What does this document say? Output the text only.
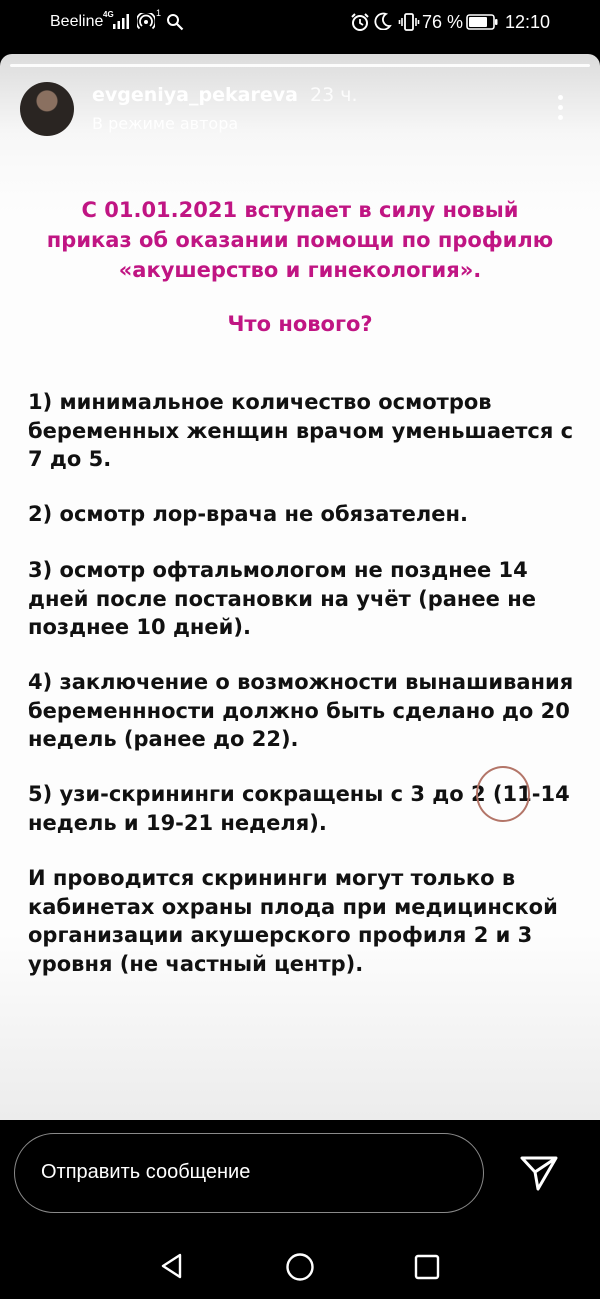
Beeline 4G	1	76 % 12:10
evgeniya_pekareva 23 ч.
В режиме автора
С 01.01.2021 вступает в силу новый
приказ об оказании помощи по профилю
«акушерство и гинекология».
Что нового?
1) минимальное количество осмотров беременных женщин врачом уменьшается с 7 до 5.
2) осмотр лор-врача не обязателен.
3) осмотр офтальмологом не позднее 14 дней после постановки на учёт (ранее не позднее 10 дней).
4) заключение о возможности вынашивания беременнности должно быть сделано до 20 недель (ранее до 22).
5) узи-скрининги сокращены с 3 до 2 (11-14 недель и 19-21 неделя).
И проводится скрининги могут только в кабинетах охраны плода при медицинской организации акушерского профиля 2 и 3 уровня (не частный центр).
Отправить сообщение
